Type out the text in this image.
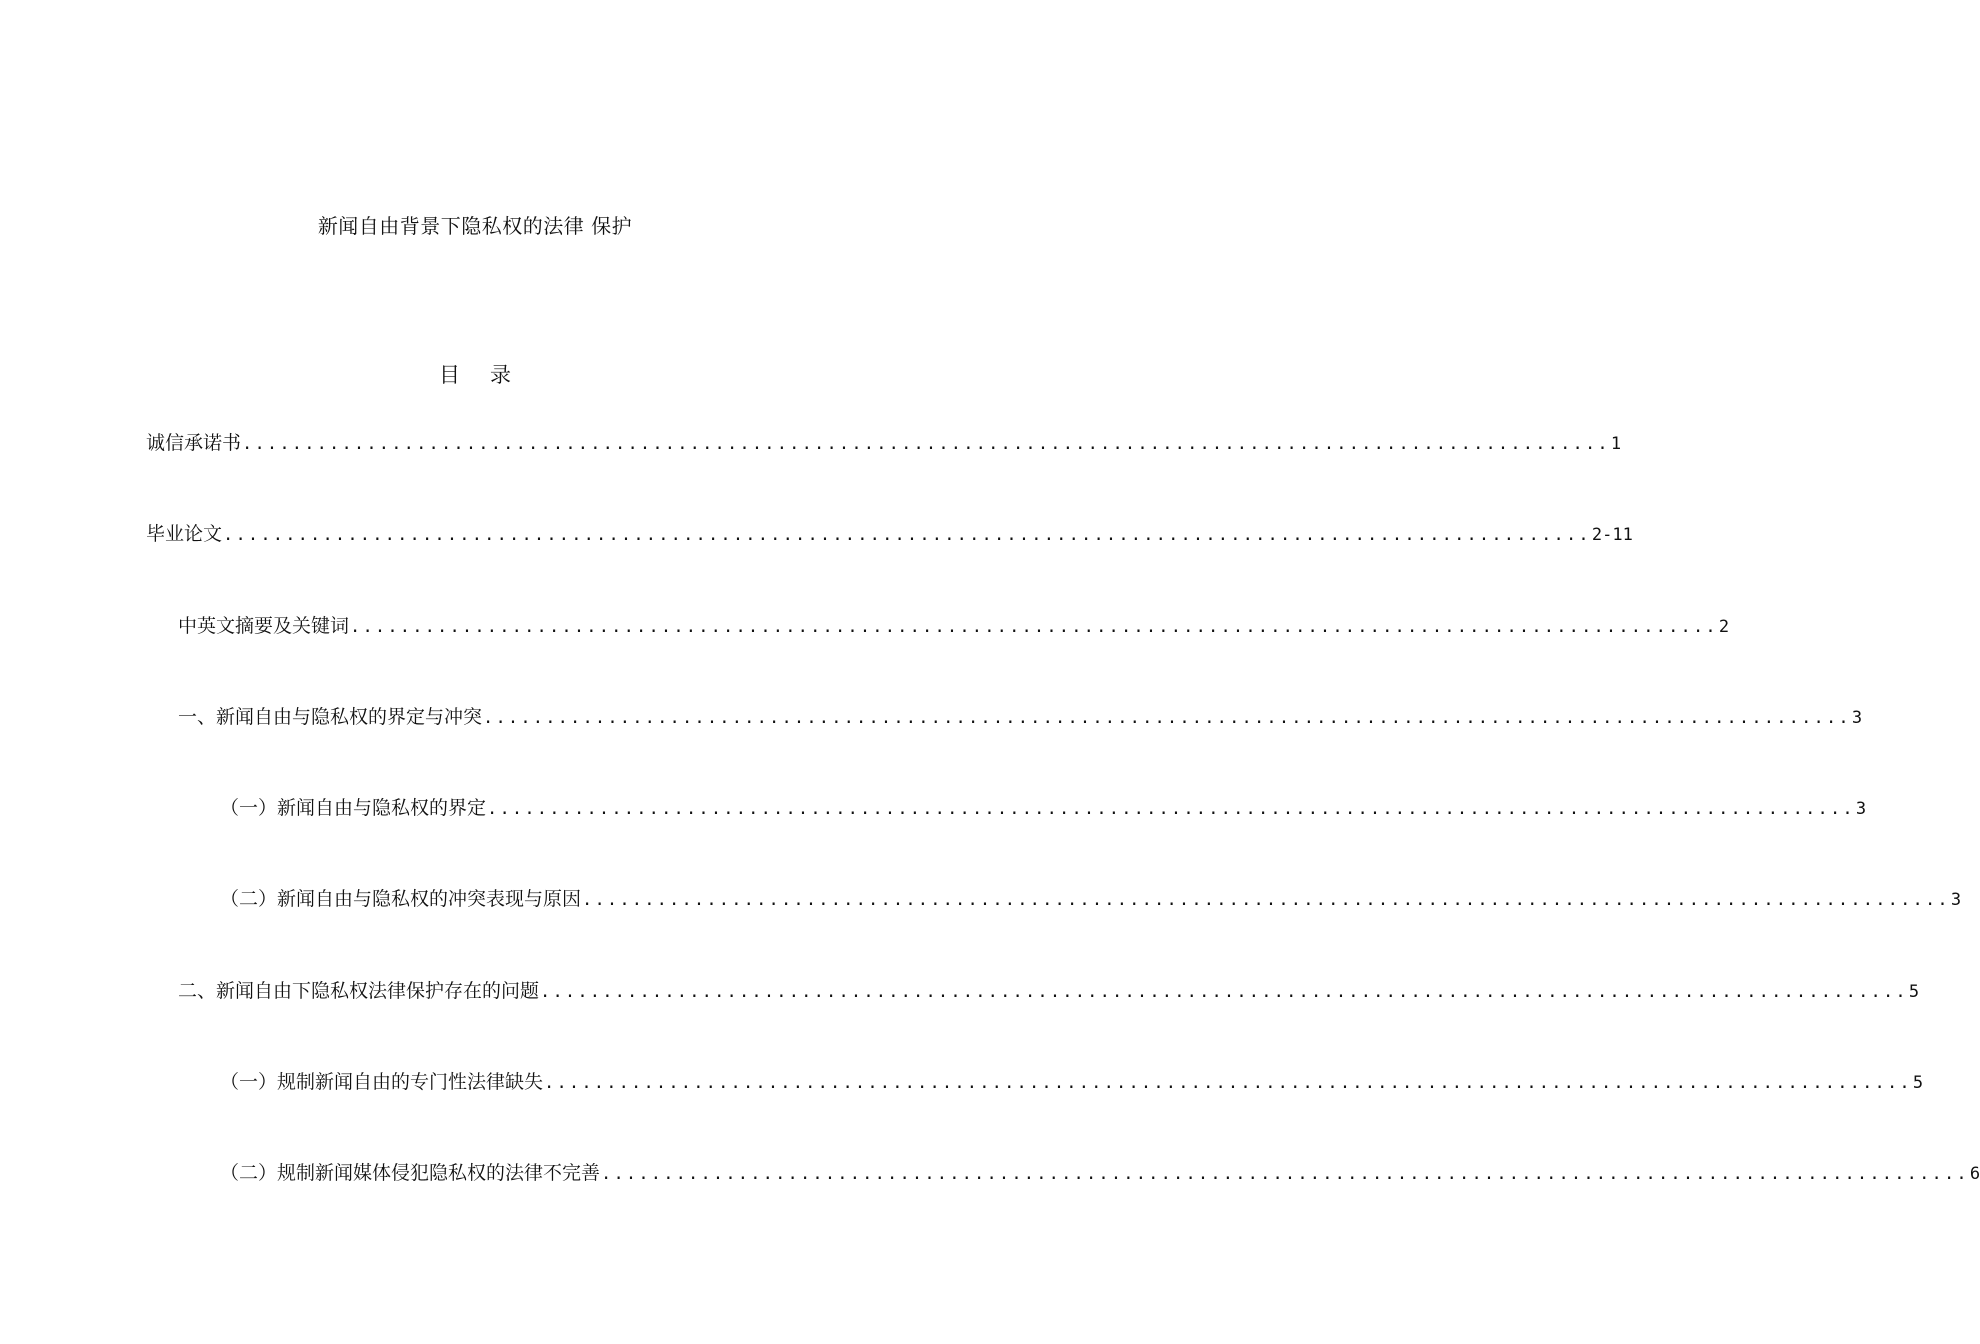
新闻自由背景下隐私权的法律 保护
目 录
诚信承诺书 .............................................................................................................. 1
毕业论文 .............................................................................................................. 2-11
中英文摘要及关键词 .............................................................................................................. 2
一、新闻自由与隐私权的界定与冲突 .............................................................................................................. 3
（一）新闻自由与隐私权的界定 .............................................................................................................. 3
（二）新闻自由与隐私权的冲突表现与原因 .............................................................................................................. 3
二、新闻自由下隐私权法律保护存在的问题 .............................................................................................................. 5
（一）规制新闻自由的专门性法律缺失 .............................................................................................................. 5
（二）规制新闻媒体侵犯隐私权的法律不完善 .............................................................................................................. 6
